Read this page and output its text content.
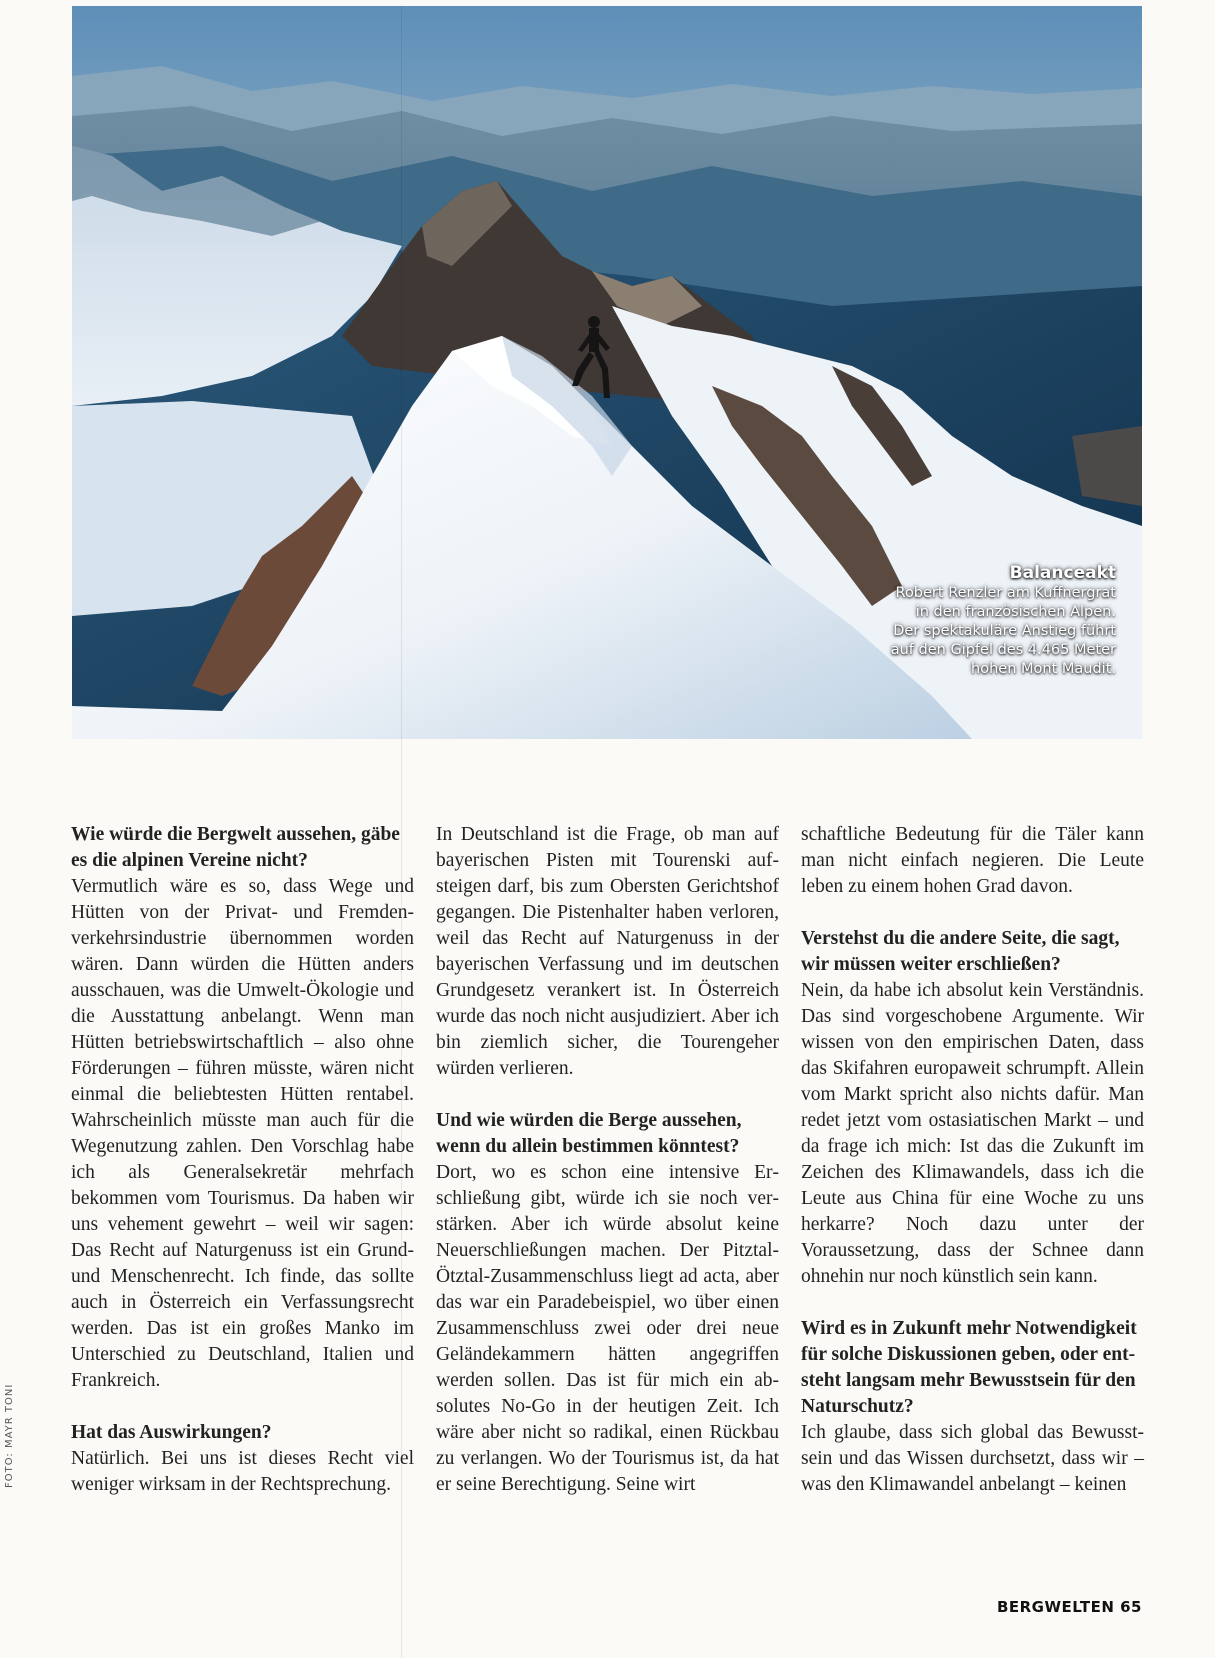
Balanceakt

Robert Renzler am Kuffnergrat in den französischen Alpen. Der spektakuläre Anstieg führt auf den Gipfel des 4.465 Meter hohen Mont Maudit.

FOTO: MAYR TONI

Wie würde die Bergwelt aussehen, gäbe es die alpinen Vereine nicht?

Vermutlich wäre es so, dass Wege und Hütten von der Privat- und Fremdenverkehrsindustrie übernommen worden wären. Dann würden die Hütten anders ausschauen, was die Umwelt-Ökologie und die Ausstattung anbelangt. Wenn man Hütten betriebswirtschaftlich – also ohne Förderungen – führen müsste, wären nicht einmal die beliebtesten Hütten rentabel. Wahrscheinlich müsste man auch für die Wegenutzung zahlen. Den Vorschlag habe ich als Generalsekretär mehrfach bekommen vom Tourismus. Da haben wir uns vehement gewehrt – weil wir sagen: Das Recht auf Naturgenuss ist ein Grund- und Menschenrecht. Ich finde, das sollte auch in Österreich ein Verfassungsrecht werden. Das ist ein großes Manko im Unterschied zu Deutschland, Italien und Frankreich.

Hat das Auswirkungen?

Natürlich. Bei uns ist dieses Recht viel weniger wirksam in der Rechtsprechung.

In Deutschland ist die Frage, ob man auf bayerischen Pisten mit Tourenski aufsteigen darf, bis zum Obersten Gerichtshof gegangen. Die Pistenhalter haben verloren, weil das Recht auf Naturgenuss in der bayerischen Verfassung und im deutschen Grundgesetz verankert ist. In Österreich wurde das noch nicht ausjudiziert. Aber ich bin ziemlich sicher, die Tourengeher würden verlieren.

Und wie würden die Berge aussehen, wenn du allein bestimmen könntest?

Dort, wo es schon eine intensive Erschließung gibt, würde ich sie noch verstärken. Aber ich würde absolut keine Neuerschließungen machen. Der Pitztal-Ötztal-Zusammenschluss liegt ad acta, aber das war ein Paradebeispiel, wo über einen Zusammenschluss zwei oder drei neue Geländekammern hätten angegriffen werden sollen. Das ist für mich ein absolutes No-Go in der heutigen Zeit. Ich wäre aber nicht so radikal, einen Rückbau zu verlangen. Wo der Tourismus ist, da hat er seine Berechtigung. Seine wirt

schaftliche Bedeutung für die Täler kann man nicht einfach negieren. Die Leute leben zu einem hohen Grad davon.

Verstehst du die andere Seite, die sagt, wir müssen weiter erschließen?

Nein, da habe ich absolut kein Verständnis. Das sind vorgeschobene Argumente. Wir wissen von den empirischen Daten, dass das Skifahren europaweit schrumpft. Allein vom Markt spricht also nichts dafür. Man redet jetzt vom ostasiatischen Markt – und da frage ich mich: Ist das die Zukunft im Zeichen des Klimawandels, dass ich die Leute aus China für eine Woche zu uns herkarre? Noch dazu unter der Voraussetzung, dass der Schnee dann ohnehin nur noch künstlich sein kann.

Wird es in Zukunft mehr Notwendigkeit für solche Diskussionen geben, oder entsteht langsam mehr Bewusstsein für den Naturschutz?

Ich glaube, dass sich global das Bewusstsein und das Wissen durchsetzt, dass wir – was den Klimawandel anbelangt – keinen

BERGWELTEN 65
